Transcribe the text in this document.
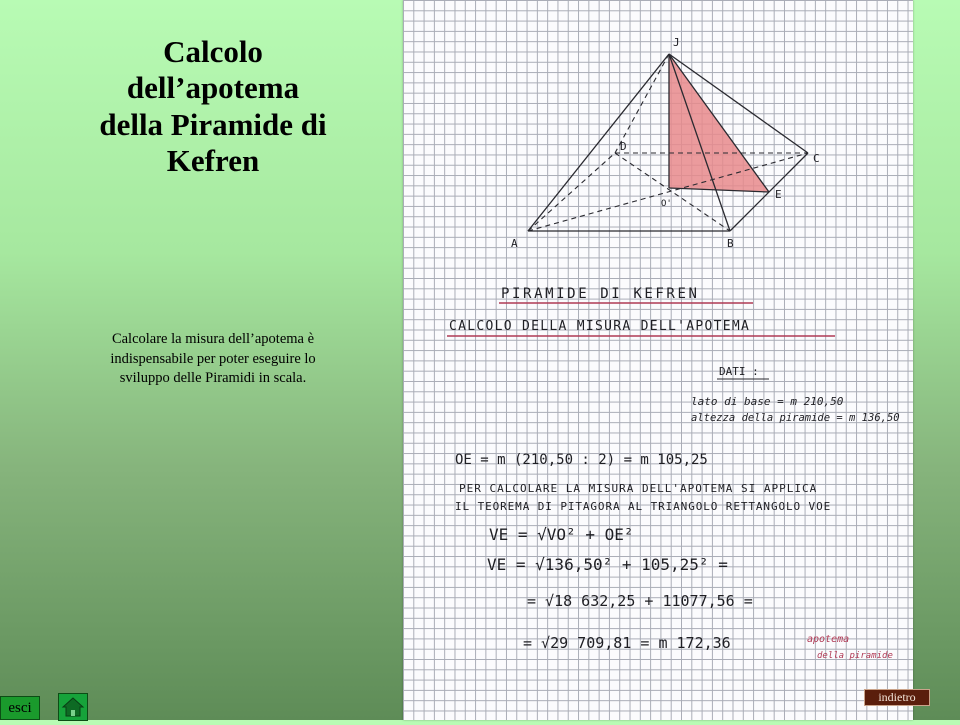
Calcolo
dell’apotema
della Piramide di
Kefren
Calcolare la misura dell’apotema è
indispensabile per poter eseguire lo
sviluppo delle Piramidi in scala.
J
D
C
E
O'
A	B
PIRAMIDE DI KEFREN
CALCOLO DELLA MISURA DELL'APOTEMA
DATI :
lato di base = m 210,50
altezza della piramide = m 136,50
OE = m (210,50 : 2) = m 105,25
PER CALCOLARE LA MISURA DELL'APOTEMA SI APPLICA
IL TEOREMA DI PITAGORA AL TRIANGOLO RETTANGOLO VOE
VE = √VO² + OE²
VE = √136,50² + 105,25² =
= √18 632,25 + 11077,56 =
= √29 709,81 = m 172,36	apotema
della piramide
esci
indietro
